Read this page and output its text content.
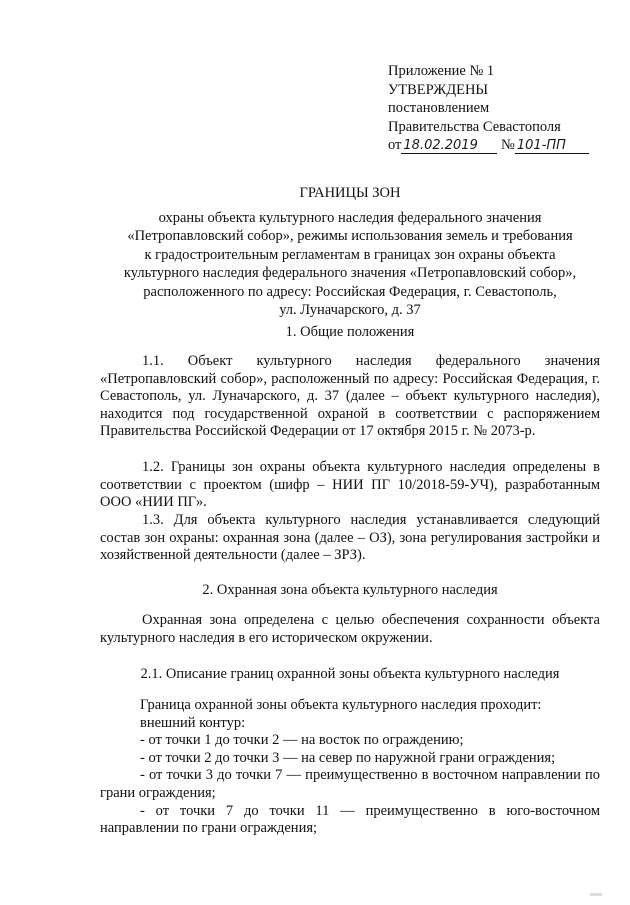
Приложение № 1
УТВЕРЖДЕНЫ
постановлением
Правительства Севастополя
от 18.02.2019 № 101-ПП
ГРАНИЦЫ ЗОН
охраны объекта культурного наследия федерального значения
«Петропавловский собор», режимы использования земель и требования
к градостроительным регламентам в границах зон охраны объекта
культурного наследия федерального значения «Петропавловский собор»,
расположенного по адресу: Российская Федерация, г. Севастополь,
ул. Луначарского, д. 37
1. Общие положения
1.1. Объект культурного наследия федерального значения «Петропавловский собор», расположенный по адресу: Российская Федерация, г. Севастополь, ул. Луначарского, д. 37 (далее – объект культурного наследия), находится под государственной охраной в соответствии с распоряжением Правительства Российской Федерации от 17 октября 2015 г. № 2073-р.
1.2. Границы зон охраны объекта культурного наследия определены в соответствии с проектом (шифр – НИИ ПГ 10/2018-59-УЧ), разработанным ООО «НИИ ПГ».
1.3. Для объекта культурного наследия устанавливается следующий состав зон охраны: охранная зона (далее – ОЗ), зона регулирования застройки и хозяйственной деятельности (далее – ЗРЗ).
2. Охранная зона объекта культурного наследия
Охранная зона определена с целью обеспечения сохранности объекта культурного наследия в его историческом окружении.
2.1. Описание границ охранной зоны объекта культурного наследия
Граница охранной зоны объекта культурного наследия проходит:
внешний контур:
- от точки 1 до точки 2 — на восток по ограждению;
- от точки 2 до точки 3 — на север по наружной грани ограждения;
- от точки 3 до точки 7 — преимущественно в восточном направлении по грани ограждения;
- от точки 7 до точки 11 — преимущественно в юго-восточном направлении по грани ограждения;
